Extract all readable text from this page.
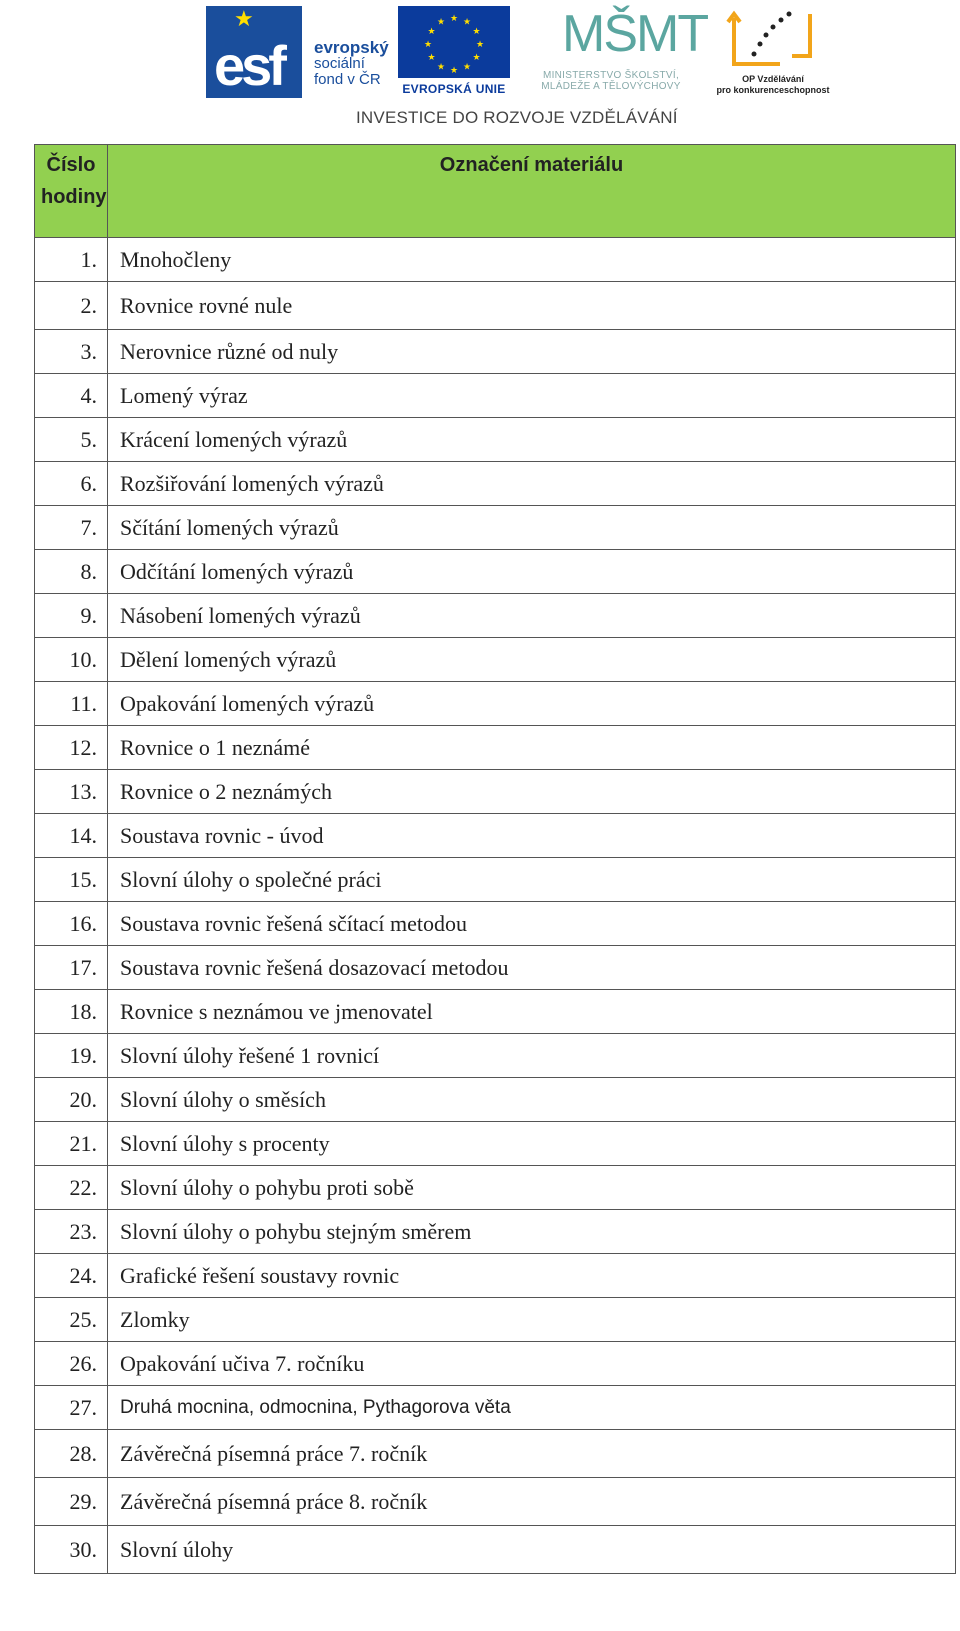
★
esf evropský
sociální
fond v ČR
★ ★
★
★
★
★
★
★
★
★
★
★
EVROPSKÁ UNIE
MŠMT
MINISTERSTVO ŠKOLSTVÍ,
MLÁDEŽE A TĚLOVÝCHOVY
OP Vzdělávání
pro konkurenceschopnost
INVESTICE DO ROZVOJE VZDĚLÁVÁNÍ
Číslo hodiny	Označení materiálu
1.	Mnohočleny
2.	Rovnice rovné nule
3.	Nerovnice různé od nuly
4.	Lomený výraz
5.	Krácení lomených výrazů
6.	Rozšiřování lomených výrazů
7.	Sčítání lomených výrazů
8.	Odčítání lomených výrazů
9.	Násobení lomených výrazů
10.	Dělení lomených výrazů
11.	Opakování lomených výrazů
12.	Rovnice o 1 neznámé
13.	Rovnice o 2 neznámých
14.	Soustava rovnic - úvod
15.	Slovní úlohy o společné práci
16.	Soustava rovnic řešená sčítací metodou
17.	Soustava rovnic řešená dosazovací metodou
18.	Rovnice s neznámou ve jmenovatel
19.	Slovní úlohy řešené 1 rovnicí
20.	Slovní úlohy o směsích
21.	Slovní úlohy s procenty
22.	Slovní úlohy o pohybu proti sobě
23.	Slovní úlohy o pohybu stejným směrem
24.	Grafické řešení soustavy rovnic
25.	Zlomky
26.	Opakování učiva 7. ročníku
27.	Druhá mocnina, odmocnina, Pythagorova věta
28.	Závěrečná písemná práce 7. ročník
29.	Závěrečná písemná práce 8. ročník
30.	Slovní úlohy
